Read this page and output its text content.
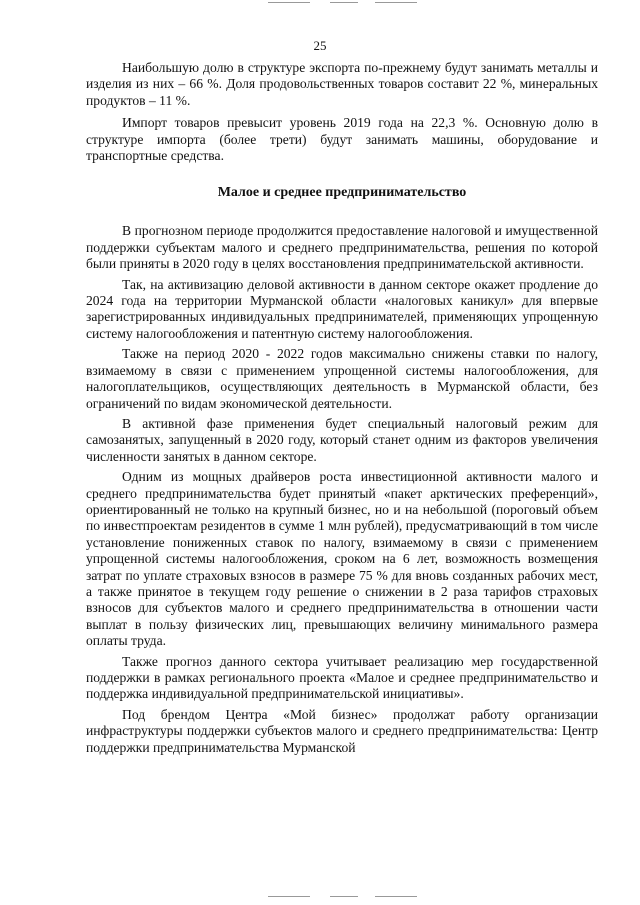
25

Наибольшую долю в структуре экспорта по-прежнему будут занимать металлы и изделия из них – 66 %. Доля продовольственных товаров составит 22 %, минеральных продуктов – 11 %.

Импорт товаров превысит уровень 2019 года на 22,3 %. Основную долю в структуре импорта (более трети) будут занимать машины, оборудование и транспортные средства.

Малое и среднее предпринимательство

В прогнозном периоде продолжится предоставление налоговой и имущественной поддержки субъектам малого и среднего предпринимательства, решения по которой были приняты в 2020 году в целях восстановления предпринимательской активности.

Так, на активизацию деловой активности в данном секторе окажет продление до 2024 года на территории Мурманской области «налоговых каникул» для впервые зарегистрированных индивидуальных предпринимателей, применяющих упрощенную систему налогообложения и патентную систему налогообложения.

Также на период 2020 - 2022 годов максимально снижены ставки по налогу, взимаемому в связи с применением упрощенной системы налогообложения, для налогоплательщиков, осуществляющих деятельность в Мурманской области, без ограничений по видам экономической деятельности.

В активной фазе применения будет специальный налоговый режим для самозанятых, запущенный в 2020 году, который станет одним из факторов увеличения численности занятых в данном секторе.

Одним из мощных драйверов роста инвестиционной активности малого и среднего предпринимательства будет принятый «пакет арктических преференций», ориентированный не только на крупный бизнес, но и на небольшой (пороговый объем по инвестпроектам резидентов в сумме 1 млн рублей), предусматривающий в том числе установление пониженных ставок по налогу, взимаемому в связи с применением упрощенной системы налогообложения, сроком на 6 лет, возможность возмещения затрат по уплате страховых взносов в размере 75 % для вновь созданных рабочих мест, а также принятое в текущем году решение о снижении в 2 раза тарифов страховых взносов для субъектов малого и среднего предпринимательства в отношении части выплат в пользу физических лиц, превышающих величину минимального размера оплаты труда.

Также прогноз данного сектора учитывает реализацию мер государственной поддержки в рамках регионального проекта «Малое и среднее предпринимательство и поддержка индивидуальной предпринимательской инициативы».

Под брендом Центра «Мой бизнес» продолжат работу организации инфраструктуры поддержки субъектов малого и среднего предпринимательства: Центр поддержки предпринимательства Мурманской
